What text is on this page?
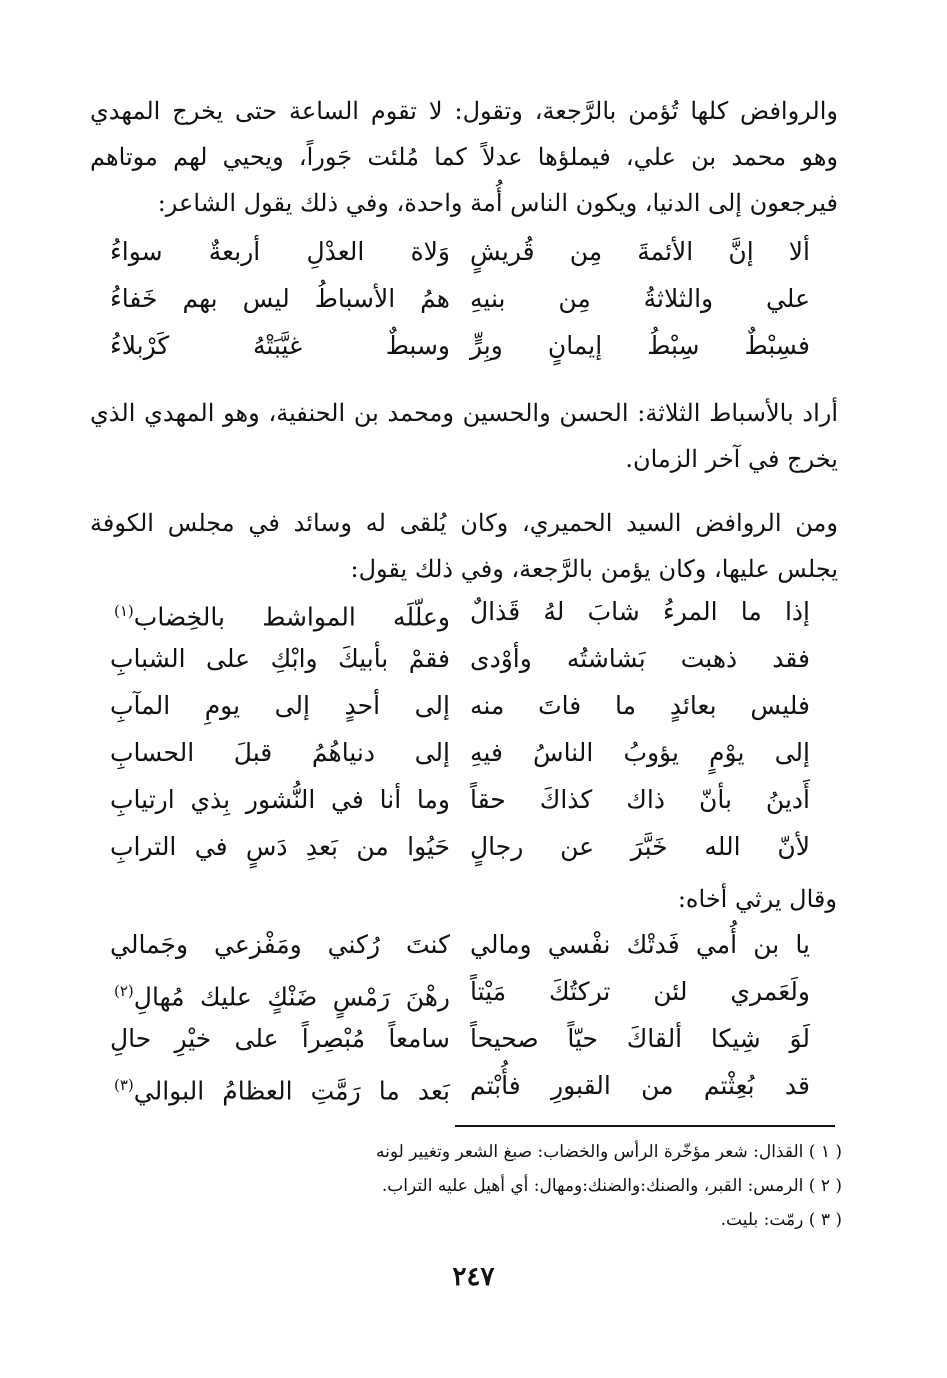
والروافض كلها تُؤمن بالرَّجعة، وتقول: لا تقوم الساعة حتى يخرج المهدي وهو محمد بن علي، فيملؤها عدلاً كما مُلئت جَوراً، ويحيي لهم موتاهم فيرجعون إلى الدنيا، ويكون الناس أُمة واحدة، وفي ذلك يقول الشاعر:

ألا إنَّ الأئمةَ مِن قُريشٍ
وَلاة العدْلِ أربعةٌ سواءُ
علي والثلاثةُ مِن بنيهِ
همُ الأسباطُ ليس بهم خَفاءُ
فسِبْطٌ سِبْطُ إيمانٍ وبِرٍّ
وسبطٌ غيَّبَتْهُ كَرْبلاءُ

أراد بالأسباط الثلاثة: الحسن والحسين ومحمد بن الحنفية، وهو المهدي الذي يخرج في آخر الزمان.

ومن الروافض السيد الحميري، وكان يُلقى له وسائد في مجلس الكوفة يجلس عليها، وكان يؤمن بالرَّجعة، وفي ذلك يقول:

إذا ما المرءُ شابَ لهُ قَذالٌ
وعلّلَه المواشط بالخِضاب$^{(١)}$
فقد ذهبت بَشاشتُه وأوْدى
فقمْ بأبيكَ وابْكِ على الشبابِ
فليس بعائدٍ ما فاتَ منه
إلى أحدٍ إلى يومِ المآبِ
إلى يوْمٍ يؤوبُ الناسُ فيهِ
إلى دنياهُمُ قبلَ الحسابِ
أَدينُ بأنّ ذاك كذاكَ حقاً
وما أنا في النُّشور بِذي ارتيابِ
لأنّ الله خَبَّرَ عن رجالٍ
حَيُوا من بَعدِ دَسٍ في الترابِ
وقال يرثي أخاه:
يا بن أُمي فَدتْك نفْسي ومالي
كنتَ رُكني ومَفْزعي وجَمالي
ولَعَمري لئن تركتُكَ مَيْتاً
رهْنَ رَمْسٍ ضَنْكٍ عليك مُهالِ$^{(٢)}$
لَوَ شِيكا ألقاكَ حيّاً صحيحاً
سامعاً مُبْصِراً على خيْرِ حالِ
قد بُعِثْتم من القبورِ فأُبْتم
بَعد ما رَمَّتِ العظامُ البوالي$^{(٣)}$
( ١ ) القذال: شعر مؤخّرة الرأس والخضاب: صبغ الشعر وتغيير لونه
( ٢ ) الرمس: القبر، والصنك:والضنك:ومهال: أي أهيل عليه التراب.
( ٣ ) رمّت: بليت.
٢٤٧
